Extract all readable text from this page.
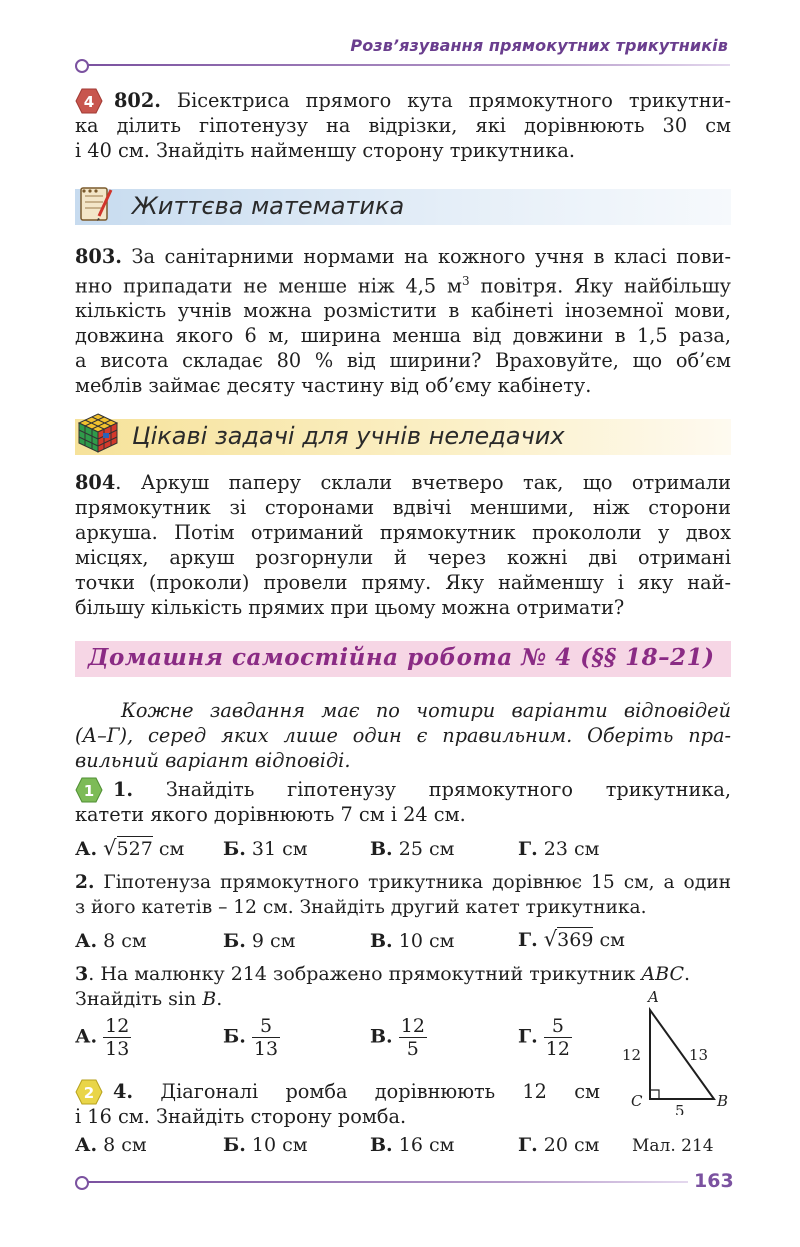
Розв’язування прямокутних трикутників
4	802. Бісектриса прямого кута прямокутного трикутни-
ка ділить гіпотенузу на відрізки, які дорівнюють 30 см
і 40 см. Знайдіть найменшу сторону трикутника.
Життєва математика
803. За санітарними нормами на кожного учня в класі пови-
нно припадати не менше ніж 4,5 $м^3$ повітря. Яку найбільшу
кількість учнів можна розмістити в кабінеті іноземної мови,
довжина якого 6 м, ширина менша від довжини в 1,5 раза,
а висота складає 80 % від ширини? Враховуйте, що об’єм
меблів займає десяту частину від об’єму кабінету.
Цікаві задачі для учнів неледачих
804. Аркуш паперу склали вчетверо так, що отримали
прямокутник зі сторонами вдвічі меншими, ніж сторони
аркуша. Потім отриманий прямокутник прокололи у двох
місцях, аркуш розгорнули й через кожні дві отримані
точки (проколи) провели пряму. Яку найменшу і яку най-
більшу кількість прямих при цьому можна отримати?
Домашня самостійна робота № 4 (§§ 18–21)
Кожне завдання має по чотири варіанти відповідей
(А–Г), серед яких лише один є правильним. Оберіть пра-
вильний варіант відповіді.
1 1. Знайдіть гіпотенузу прямокутного трикутника,
катети якого дорівнюють 7 см і 24 см.
А. √527 см Б. 31 см	В. 25 см	Г. 23 см
2. Гіпотенуза прямокутного трикутника дорівнює 15 см, а один
з його катетів – 12 см. Знайдіть другий катет трикутника.
А. 8 см	Б. 9 см	В. 10 см	Г. √369 см
3. На малюнку 214 зображено прямокутний трикутник ABC.
Знайдіть sin B.
А. $\frac{12}{13}$	Б. $\frac{5}{13}$	В. $\frac{12}{5}$	Г. $\frac{5}{12}$
2 4. Діагоналі ромба дорівнюють 12 см
і 16 см. Знайдіть сторону ромба.
А. 8 см	Б. 10 см	В. 16 см	Г. 20 см
A
C	B
12	13
5
Мал. 214
163
